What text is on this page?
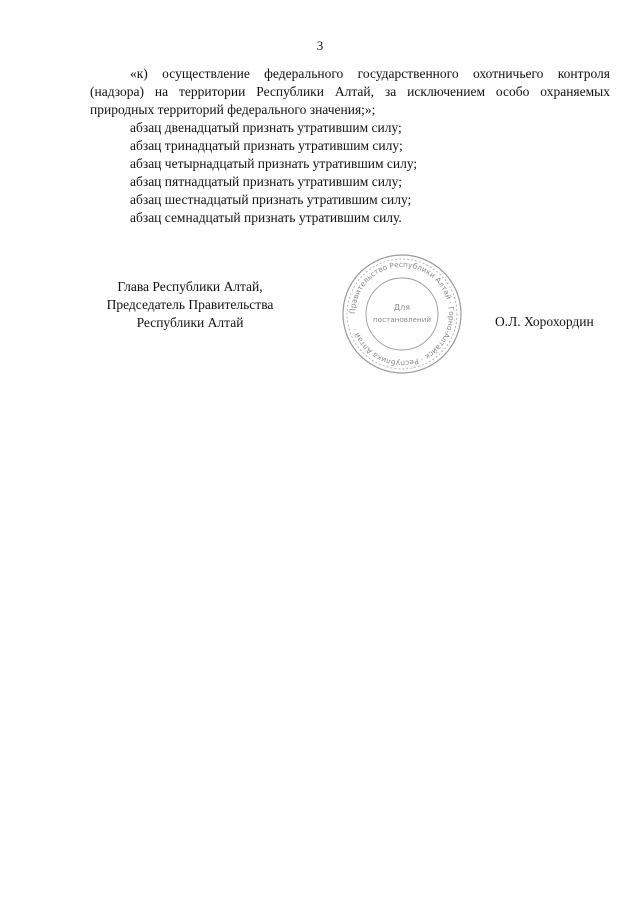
3

«к) осуществление федерального государственного охотничьего контроля (надзора) на территории Республики Алтай, за исключением особо охраняемых природных территорий федерального значения;»;

абзац двенадцатый признать утратившим силу;

абзац тринадцатый признать утратившим силу;

абзац четырнадцатый признать утратившим силу;

абзац пятнадцатый признать утратившим силу;

абзац шестнадцатый признать утратившим силу;

абзац семнадцатый признать утратившим силу.

Глава Республики Алтай,
Председатель Правительства
Республики Алтай
Правительство Республики Алтай · Горно-Алтайск · Республика Алтай ·
Для
постановлений	О.Л. Хорохордин
